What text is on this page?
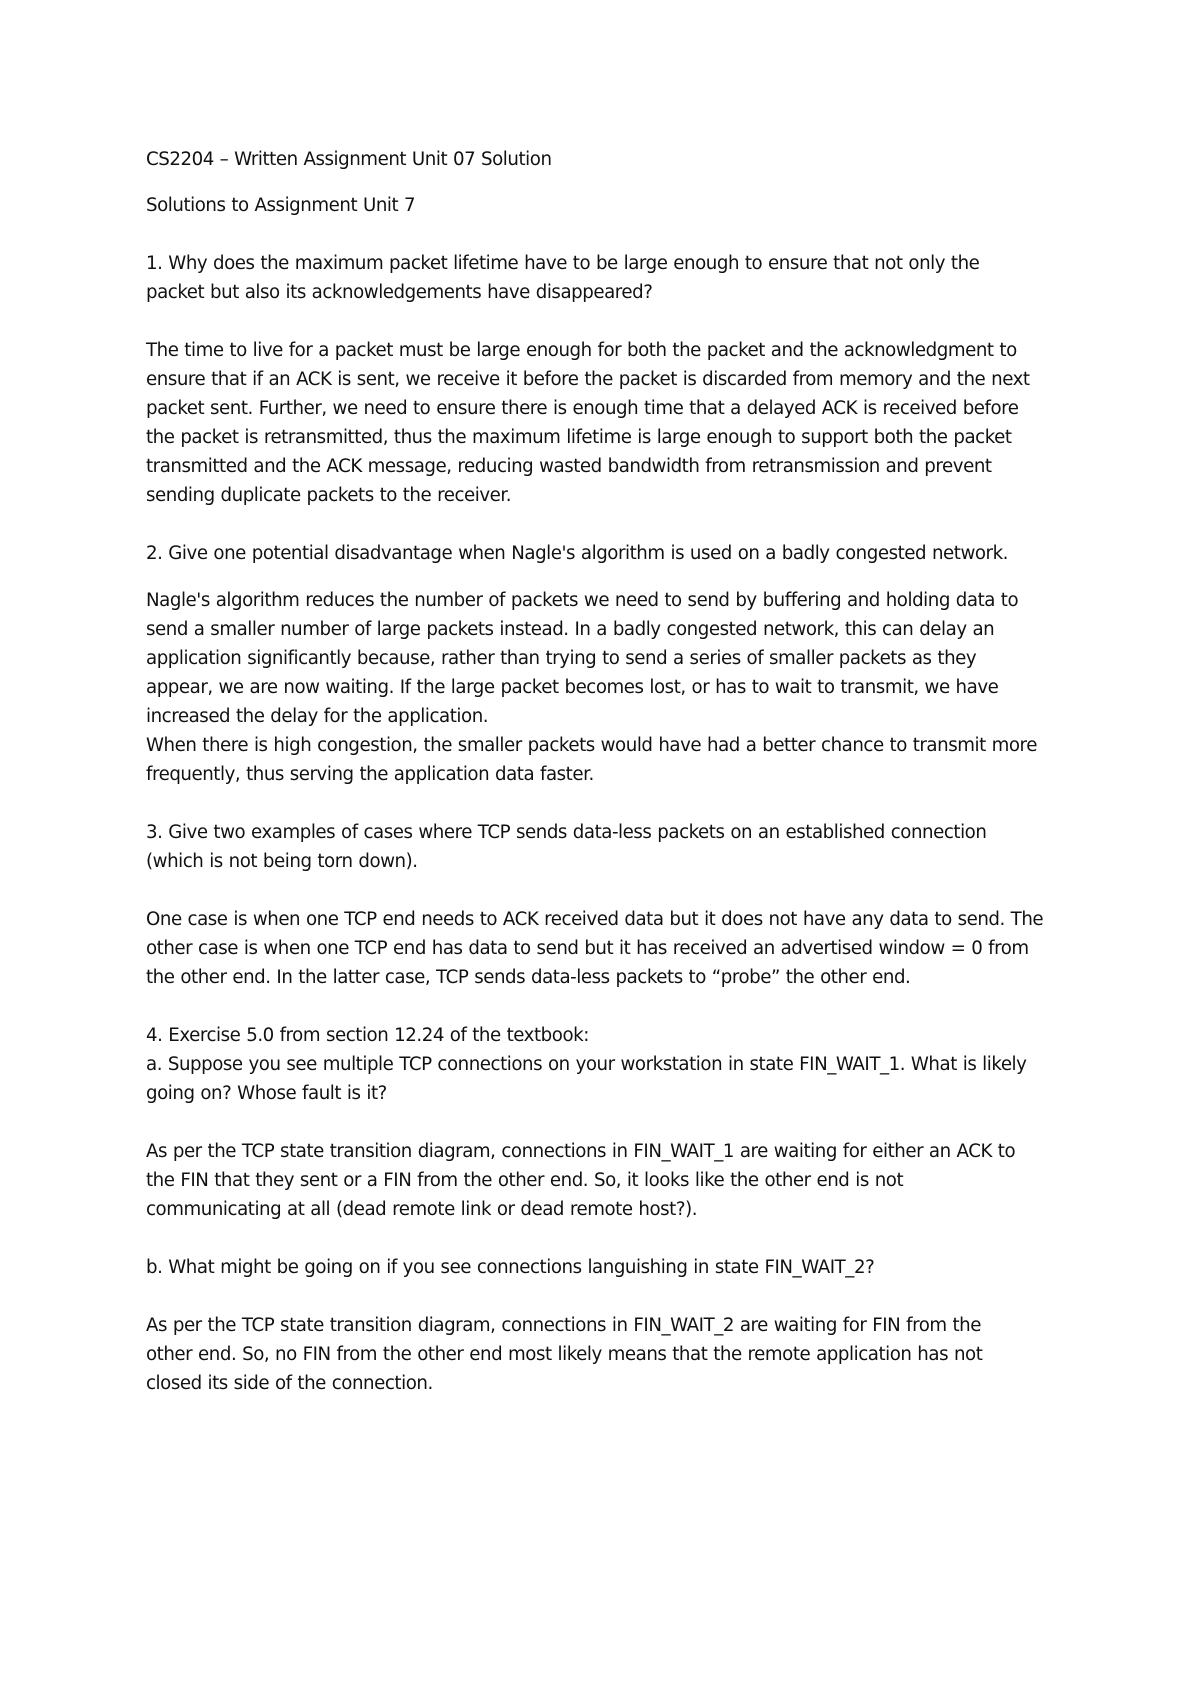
CS2204 – Written Assignment Unit 07 Solution
Solutions to Assignment Unit 7
1. Why does the maximum packet lifetime have to be large enough to ensure that not only the
packet but also its acknowledgements have disappeared?
The time to live for a packet must be large enough for both the packet and the acknowledgment to
ensure that if an ACK is sent, we receive it before the packet is discarded from memory and the next
packet sent. Further, we need to ensure there is enough time that a delayed ACK is received before
the packet is retransmitted, thus the maximum lifetime is large enough to support both the packet
transmitted and the ACK message, reducing wasted bandwidth from retransmission and prevent
sending duplicate packets to the receiver.
2. Give one potential disadvantage when Nagle's algorithm is used on a badly congested network.
Nagle's algorithm reduces the number of packets we need to send by buffering and holding data to
send a smaller number of large packets instead. In a badly congested network, this can delay an
application significantly because, rather than trying to send a series of smaller packets as they
appear, we are now waiting. If the large packet becomes lost, or has to wait to transmit, we have
increased the delay for the application.
When there is high congestion, the smaller packets would have had a better chance to transmit more
frequently, thus serving the application data faster.
3. Give two examples of cases where TCP sends data-less packets on an established connection
(which is not being torn down).
One case is when one TCP end needs to ACK received data but it does not have any data to send. The
other case is when one TCP end has data to send but it has received an advertised window = 0 from
the other end. In the latter case, TCP sends data-less packets to “probe” the other end.
4. Exercise 5.0 from section 12.24 of the textbook:
a. Suppose you see multiple TCP connections on your workstation in state FIN_WAIT_1. What is likely
going on? Whose fault is it?
As per the TCP state transition diagram, connections in FIN_WAIT_1 are waiting for either an ACK to
the FIN that they sent or a FIN from the other end. So, it looks like the other end is not
communicating at all (dead remote link or dead remote host?).
b. What might be going on if you see connections languishing in state FIN_WAIT_2?
As per the TCP state transition diagram, connections in FIN_WAIT_2 are waiting for FIN from the
other end. So, no FIN from the other end most likely means that the remote application has not
closed its side of the connection.
